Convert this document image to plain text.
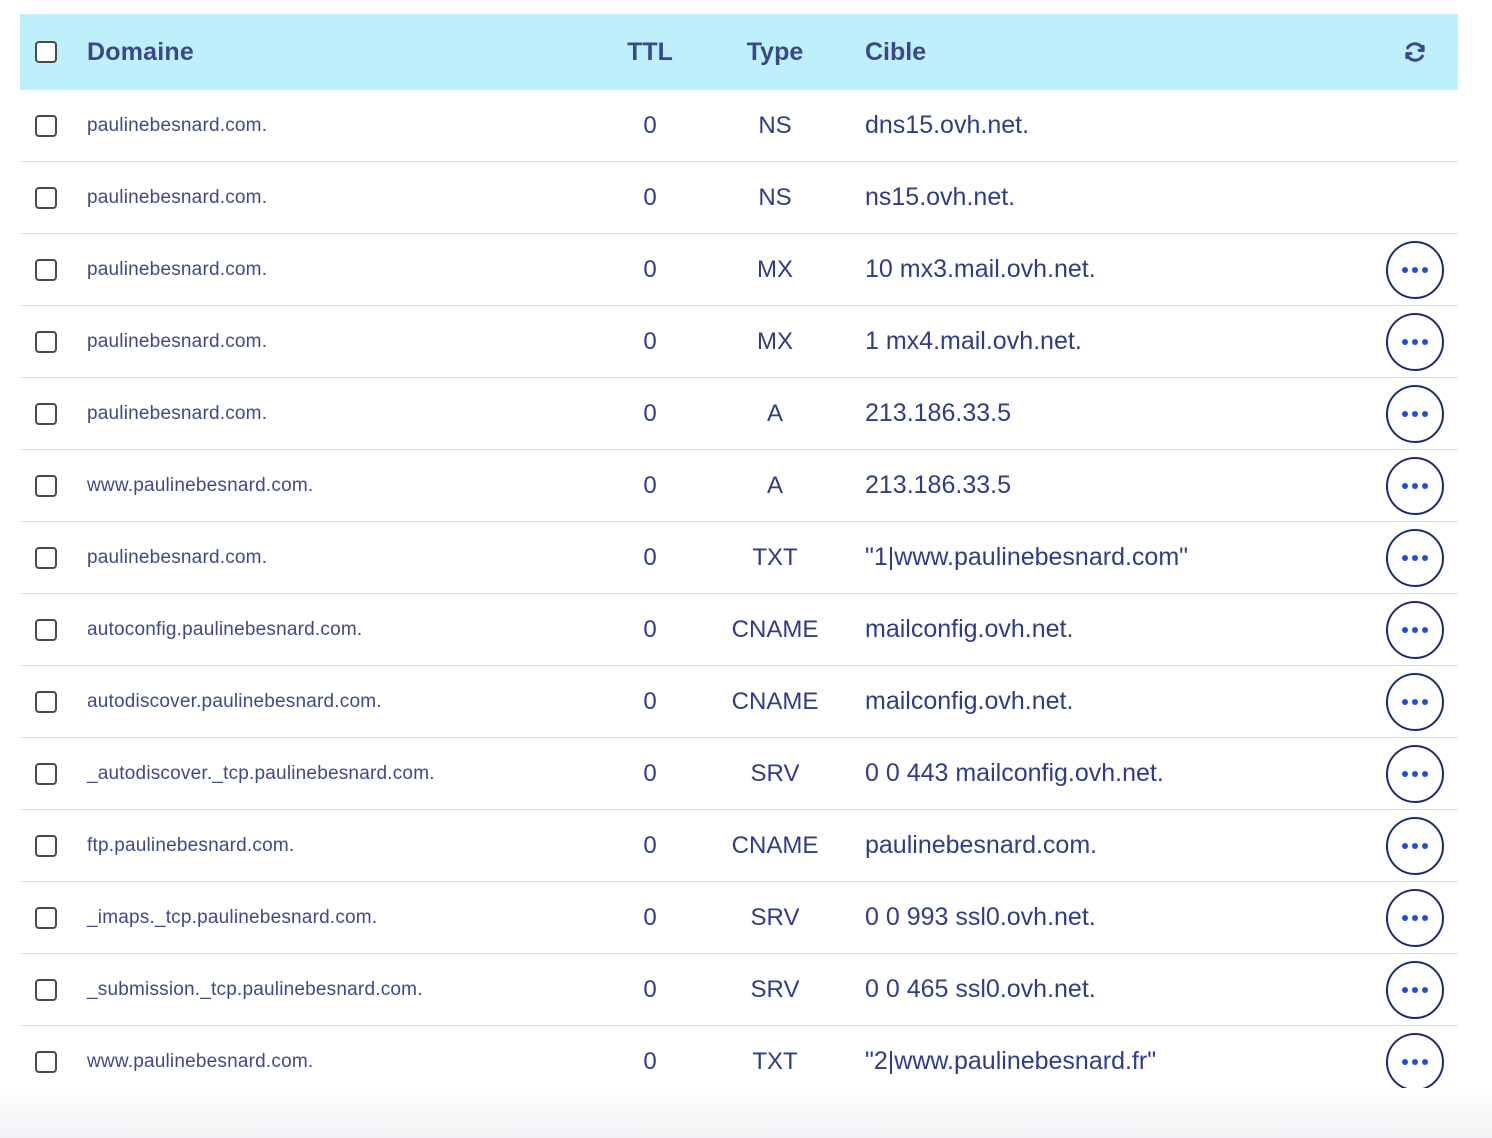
Domaine	TTL	Type	Cible
paulinebesnard.com.	0	NS	dns15.ovh.net.
paulinebesnard.com.	0	NS	ns15.ovh.net.
paulinebesnard.com.	0	MX	10 mx3.mail.ovh.net.
paulinebesnard.com.	0	MX	1 mx4.mail.ovh.net.
paulinebesnard.com.	0	A	213.186.33.5
www.paulinebesnard.com.	0	A	213.186.33.5
paulinebesnard.com.	0	TXT	"1|www.paulinebesnard.com"
autoconfig.paulinebesnard.com.	0	CNAME	mailconfig.ovh.net.
autodiscover.paulinebesnard.com.	0	CNAME	mailconfig.ovh.net.
_autodiscover._tcp.paulinebesnard.com.	0	SRV	0 0 443 mailconfig.ovh.net.
ftp.paulinebesnard.com.	0	CNAME	paulinebesnard.com.
_imaps._tcp.paulinebesnard.com.	0	SRV	0 0 993 ssl0.ovh.net.
_submission._tcp.paulinebesnard.com.	0	SRV	0 0 465 ssl0.ovh.net.
www.paulinebesnard.com.	0	TXT	"2|www.paulinebesnard.fr"
